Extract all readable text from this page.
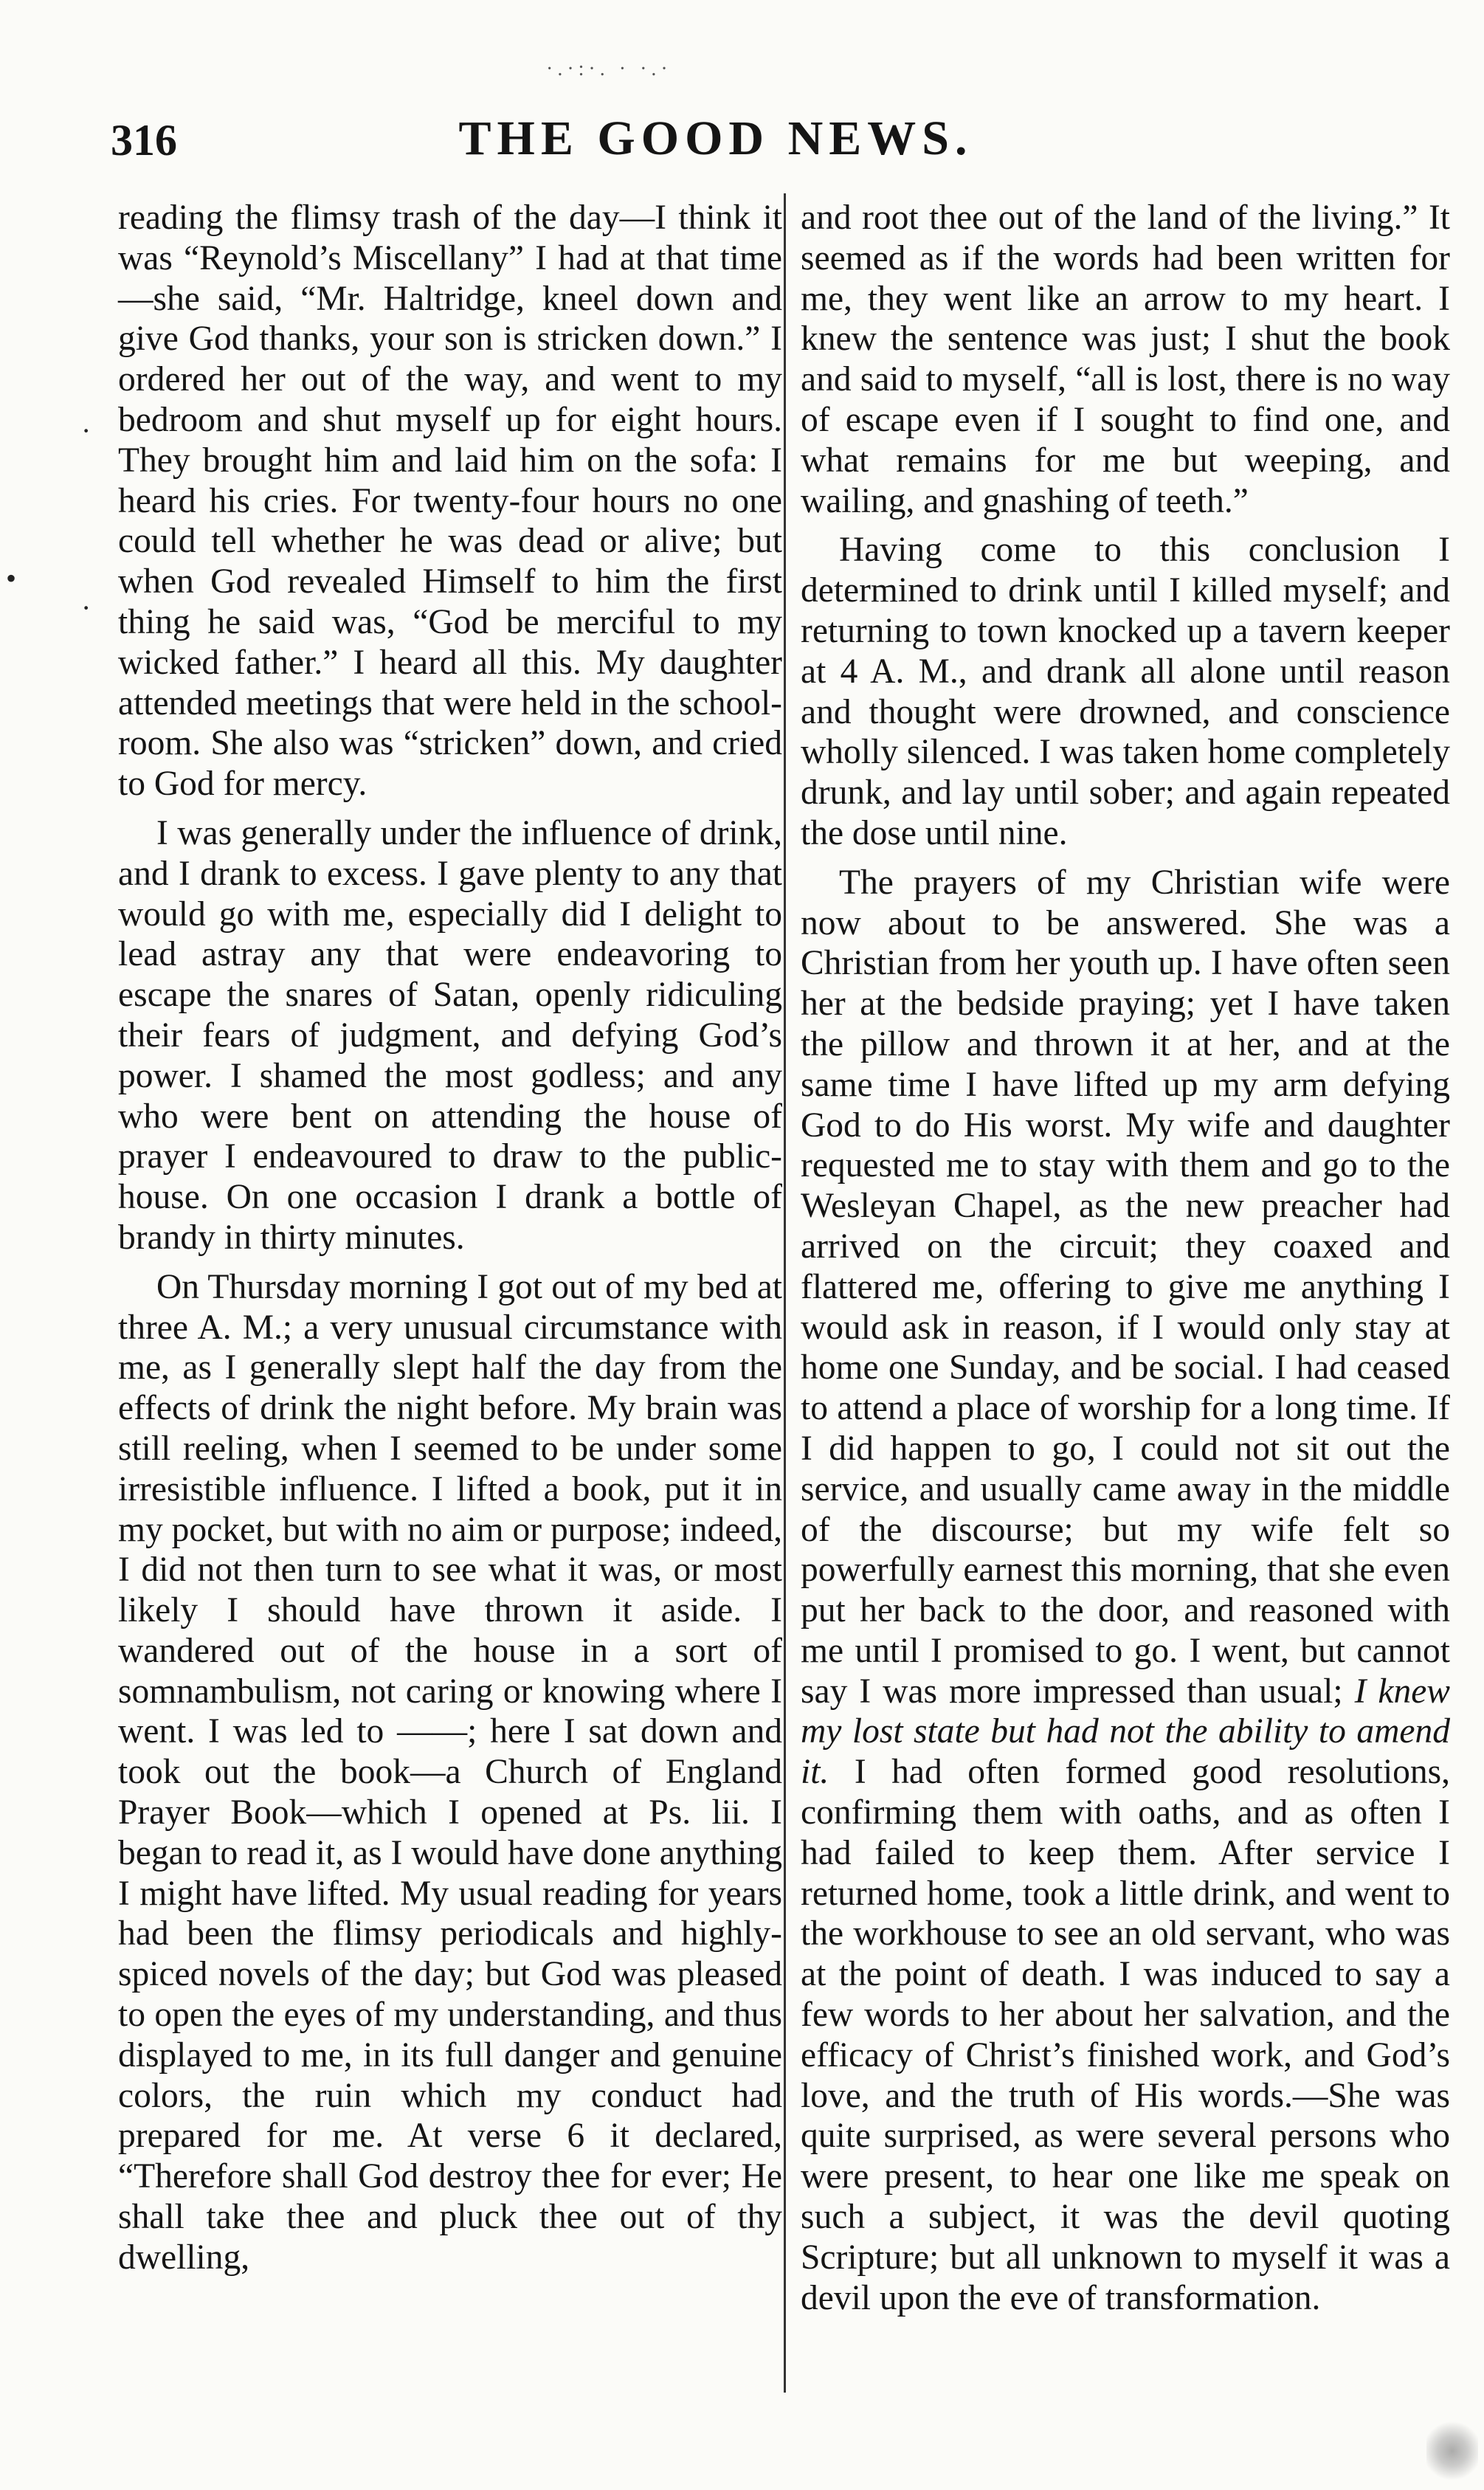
·.·:·. · ·.·
316	THE GOOD NEWS.

reading the flimsy trash of the day—I think it was “Reynold’s Miscellany” I had at that time—she said, “Mr. Haltridge, kneel down and give God thanks, your son is stricken down.” I ordered her out of the way, and went to my bedroom and shut myself up for eight hours. They brought him and laid him on the sofa: I heard his cries. For twenty-four hours no one could tell whether he was dead or alive; but when God revealed Himself to him the first thing he said was, “God be merciful to my wicked father.” I heard all this. My daughter attended meetings that were held in the school-room. She also was “stricken” down, and cried to God for mercy.

I was generally under the influence of drink, and I drank to excess. I gave plenty to any that would go with me, especially did I delight to lead astray any that were endeavoring to escape the snares of Satan, openly ridiculing their fears of judgment, and defying God’s power. I shamed the most godless; and any who were bent on attending the house of prayer I endeavoured to draw to the public-house. On one occasion I drank a bottle of brandy in thirty minutes.

On Thursday morning I got out of my bed at three A. M.; a very unusual circumstance with me, as I generally slept half the day from the effects of drink the night before. My brain was still reeling, when I seemed to be under some irresistible influence. I lifted a book, put it in my pocket, but with no aim or purpose; indeed, I did not then turn to see what it was, or most likely I should have thrown it aside. I wandered out of the house in a sort of somnambulism, not caring or knowing where I went. I was led to ——; here I sat down and took out the book—a Church of England Prayer Book—which I opened at Ps. lii. I began to read it, as I would have done anything I might have lifted. My usual reading for years had been the flimsy periodicals and highly-spiced novels of the day; but God was pleased to open the eyes of my understanding, and thus displayed to me, in its full danger and genuine colors, the ruin which my conduct had prepared for me. At verse 6 it declared, “Therefore shall God destroy thee for ever; He shall take thee and pluck thee out of thy dwelling,

and root thee out of the land of the living.” It seemed as if the words had been written for me, they went like an arrow to my heart. I knew the sentence was just; I shut the book and said to myself, “all is lost, there is no way of escape even if I sought to find one, and what remains for me but weeping, and wailing, and gnashing of teeth.”

Having come to this conclusion I determined to drink until I killed myself; and returning to town knocked up a tavern keeper at 4 A. M., and drank all alone until reason and thought were drowned, and conscience wholly silenced. I was taken home completely drunk, and lay until sober; and again repeated the dose until nine.

The prayers of my Christian wife were now about to be answered. She was a Christian from her youth up. I have often seen her at the bedside praying; yet I have taken the pillow and thrown it at her, and at the same time I have lifted up my arm defying God to do His worst. My wife and daughter requested me to stay with them and go to the Wesleyan Chapel, as the new preacher had arrived on the circuit; they coaxed and flattered me, offering to give me anything I would ask in reason, if I would only stay at home one Sunday, and be social. I had ceased to attend a place of worship for a long time. If I did happen to go, I could not sit out the service, and usually came away in the middle of the discourse; but my wife felt so powerfully earnest this morning, that she even put her back to the door, and reasoned with me until I promised to go. I went, but cannot say I was more impressed than usual; I knew my lost state but had not the ability to amend it. I had often formed good resolutions, confirming them with oaths, and as often I had failed to keep them. After service I returned home, took a little drink, and went to the workhouse to see an old servant, who was at the point of death. I was induced to say a few words to her about her salvation, and the efficacy of Christ’s finished work, and God’s love, and the truth of His words.—She was quite surprised, as were several persons who were present, to hear one like me speak on such a subject, it was the devil quoting Scripture; but all unknown to myself it was a devil upon the eve of transformation.

•
·
·
